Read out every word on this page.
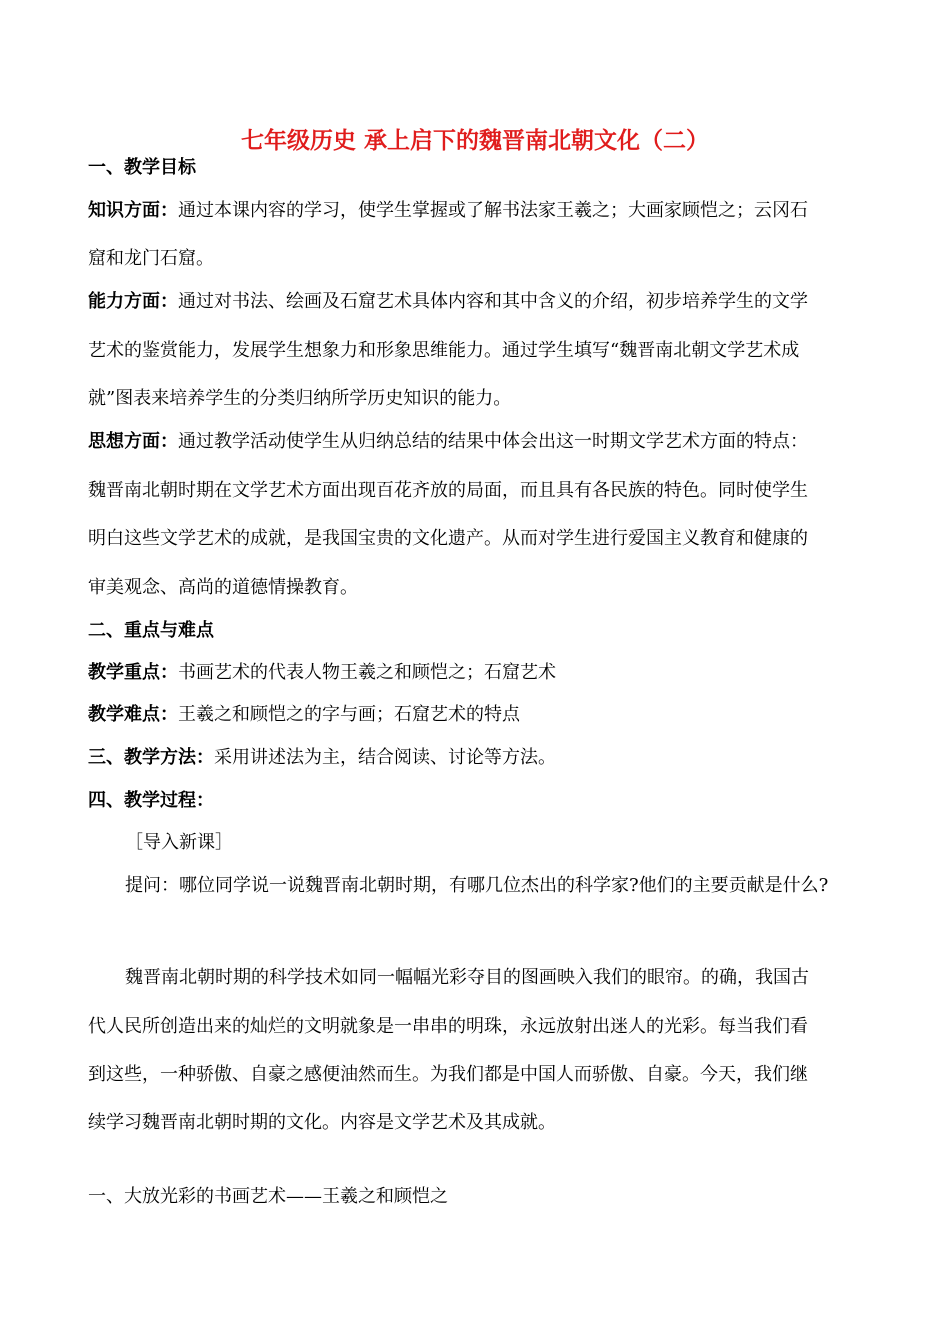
七年级历史 承上启下的魏晋南北朝文化（二）
一、教学目标
知识方面：通过本课内容的学习，使学生掌握或了解书法家王羲之；大画家顾恺之；云冈石
窟和龙门石窟。
能力方面：通过对书法、绘画及石窟艺术具体内容和其中含义的介绍，初步培养学生的文学
艺术的鉴赏能力，发展学生想象力和形象思维能力。通过学生填写“魏晋南北朝文学艺术成
就”图表来培养学生的分类归纳所学历史知识的能力。
思想方面：通过教学活动使学生从归纳总结的结果中体会出这一时期文学艺术方面的特点：
魏晋南北朝时期在文学艺术方面出现百花齐放的局面，而且具有各民族的特色。同时使学生
明白这些文学艺术的成就，是我国宝贵的文化遗产。从而对学生进行爱国主义教育和健康的
审美观念、高尚的道德情操教育。
二、重点与难点
教学重点：书画艺术的代表人物王羲之和顾恺之；石窟艺术
教学难点：王羲之和顾恺之的字与画；石窟艺术的特点
三、教学方法：采用讲述法为主，结合阅读、讨论等方法。
四、教学过程：
［导入新课］
提问：哪位同学说一说魏晋南北朝时期，有哪几位杰出的科学家?他们的主要贡献是什么?
魏晋南北朝时期的科学技术如同一幅幅光彩夺目的图画映入我们的眼帘。的确，我国古
代人民所创造出来的灿烂的文明就象是一串串的明珠，永远放射出迷人的光彩。每当我们看
到这些，一种骄傲、自豪之感便油然而生。为我们都是中国人而骄傲、自豪。今天，我们继
续学习魏晋南北朝时期的文化。内容是文学艺术及其成就。
一、大放光彩的书画艺术——王羲之和顾恺之
